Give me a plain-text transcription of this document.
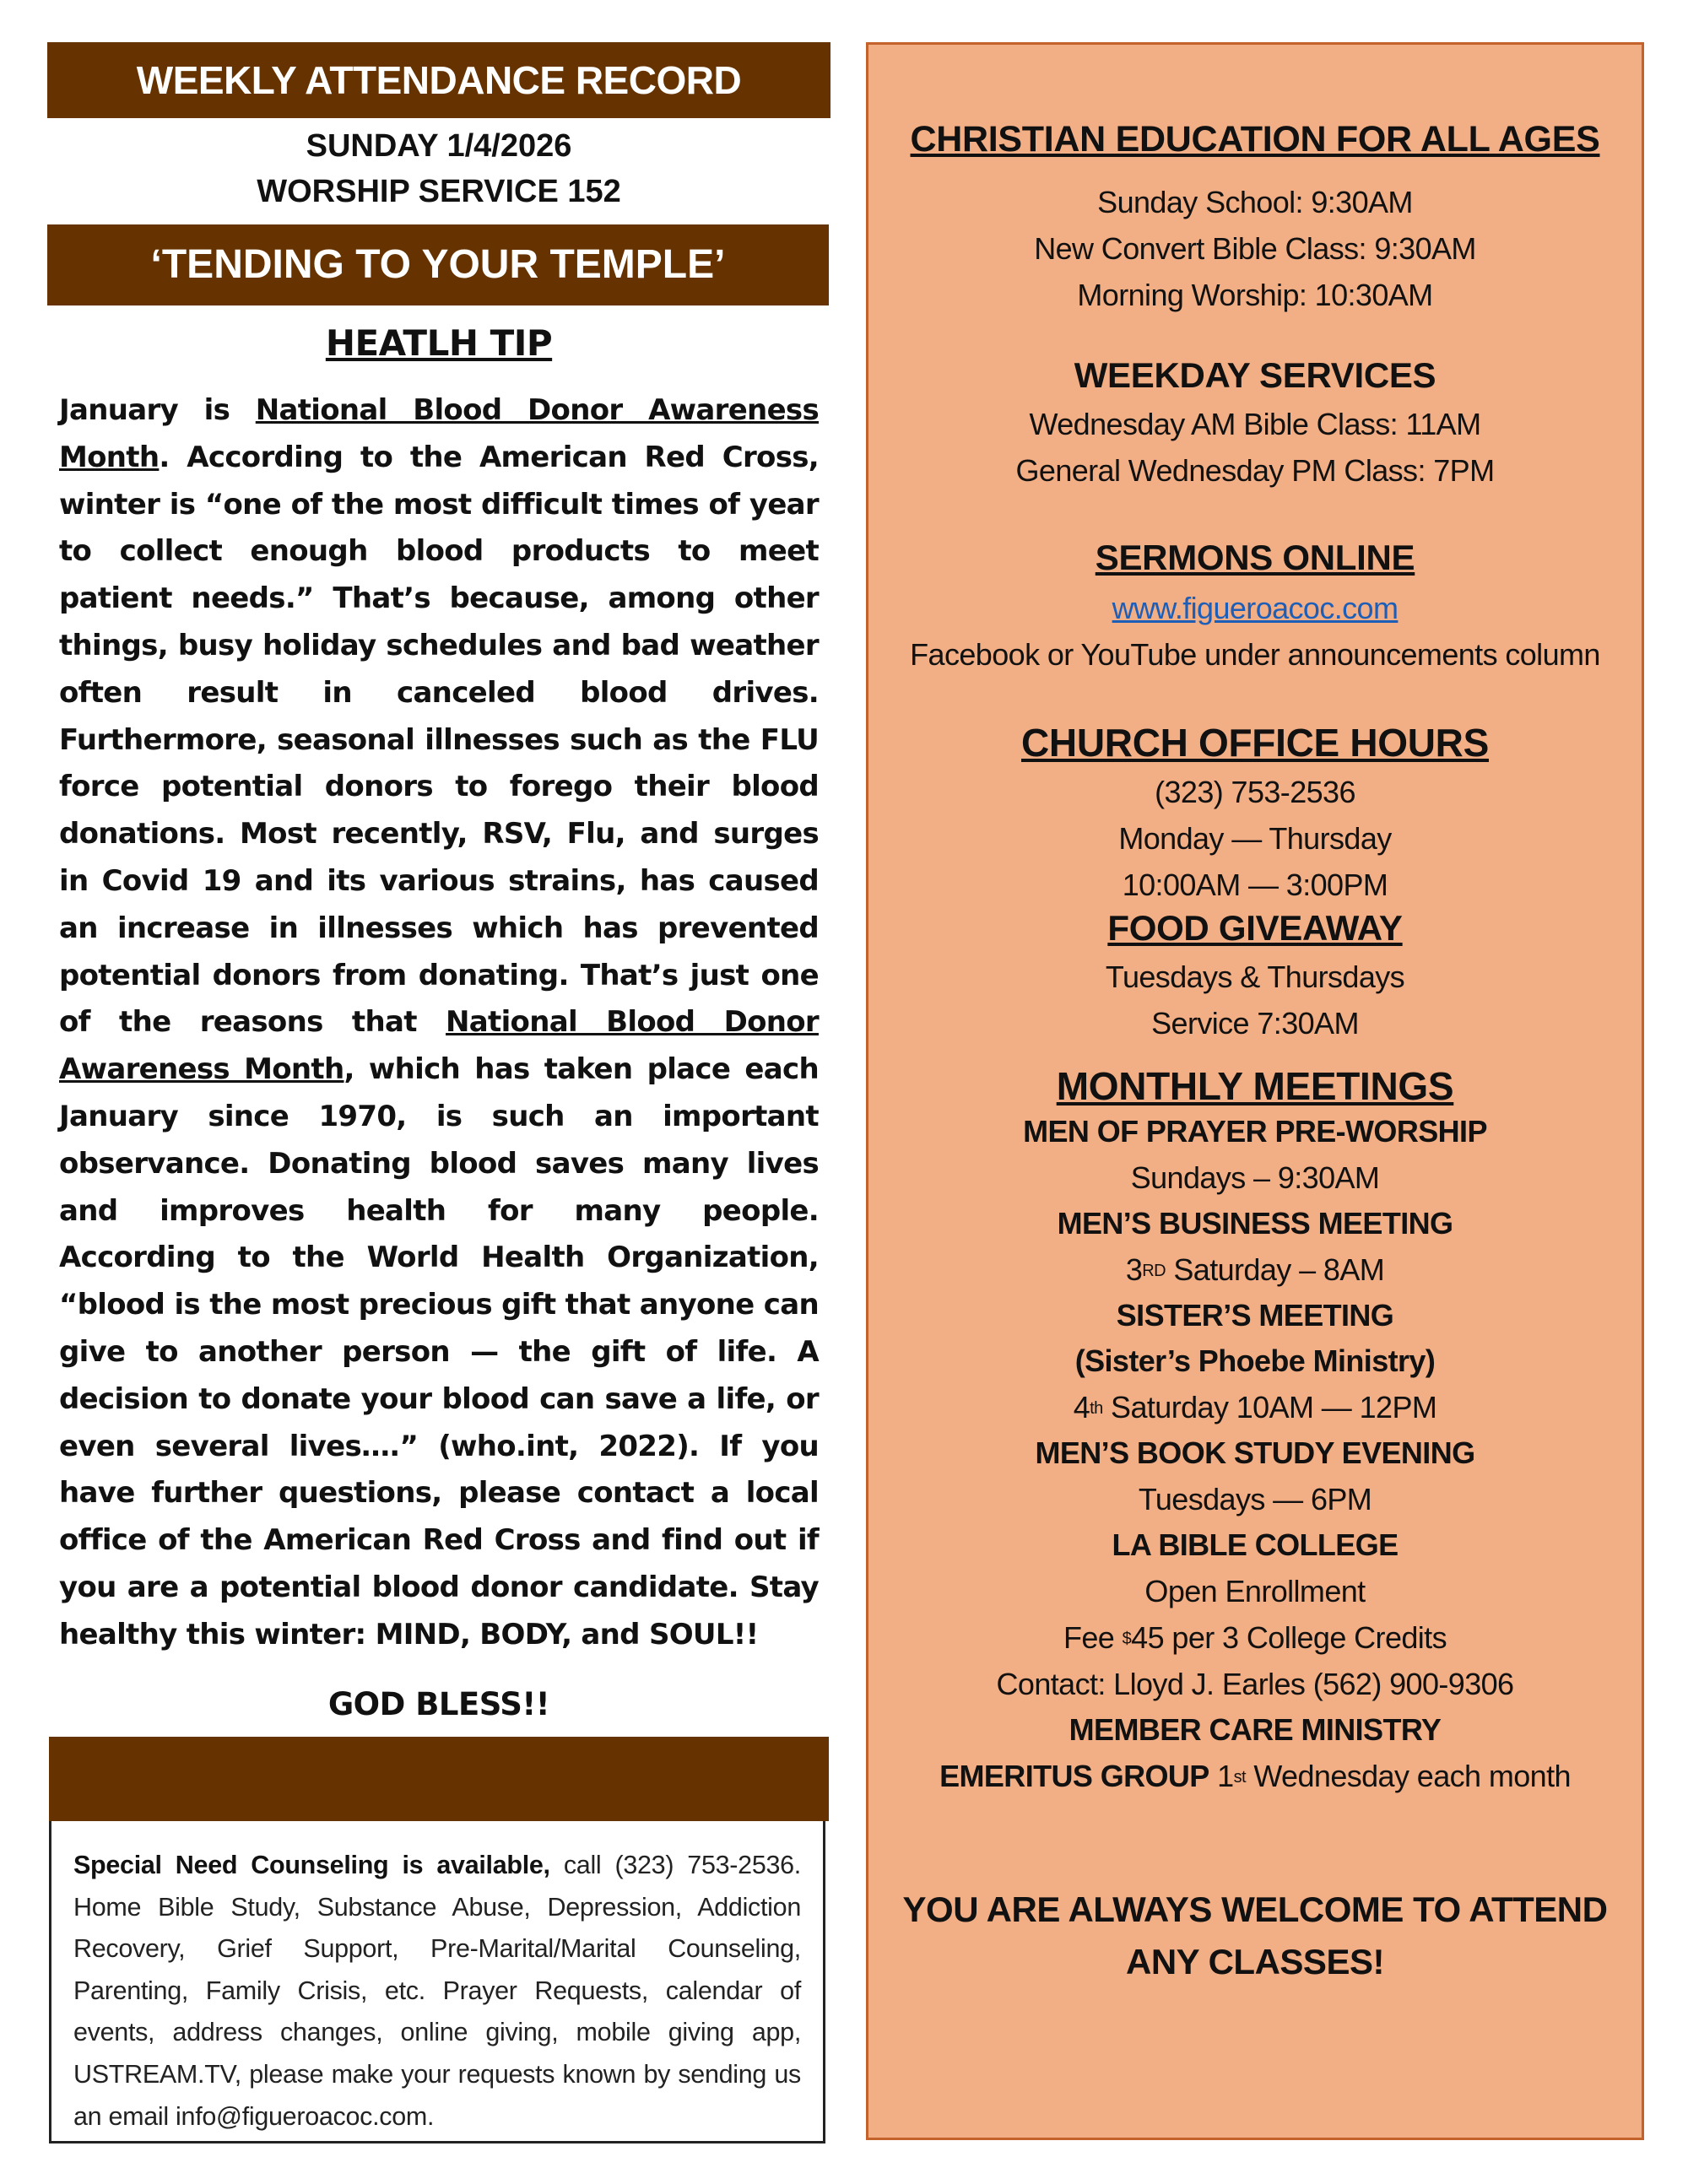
WEEKLY ATTENDANCE RECORD
SUNDAY 1/4/2026
WORSHIP SERVICE 152
‘TENDING TO YOUR TEMPLE’
HEATLH TIP
January is National Blood Donor Awareness Month. According to the American Red Cross, winter is “one of the most difficult times of year to collect enough blood products to meet patient needs.” That’s because, among other things, busy holiday schedules and bad weather often result in canceled blood drives. Furthermore, seasonal illnesses such as the FLU force potential donors to forego their blood donations. Most recently, RSV, Flu, and surges in Covid 19 and its various strains, has caused an increase in illnesses which has prevented potential donors from donating. That’s just one of the reasons that National Blood Donor Awareness Month, which has taken place each January since 1970, is such an important observance. Donating blood saves many lives and improves health for many people. According to the World Health Organization, “blood is the most precious gift that anyone can give to another person — the gift of life. A decision to donate your blood can save a life, or even several lives….” (who.int, 2022). If you have further questions, please contact a local office of the American Red Cross and find out if you are a potential blood donor candidate. Stay healthy this winter: MIND, BODY, and SOUL!!
GOD BLESS!!
Special Need Counseling is available, call (323) 753-2536. Home Bible Study, Substance Abuse, Depression, Addiction Recovery, Grief Support, Pre-Marital/Marital Counseling, Parenting, Family Crisis, etc. Prayer Requests, calendar of events, address changes, online giving, mobile giving app, USTREAM.TV, please make your requests known by sending us an email info@figueroacoc.com.
CHRISTIAN EDUCATION FOR ALL AGES
Sunday School: 9:30AM
New Convert Bible Class: 9:30AM
Morning Worship: 10:30AM
WEEKDAY SERVICES
Wednesday AM Bible Class: 11AM
General Wednesday PM Class: 7PM
SERMONS ONLINE
www.figueroacoc.com
Facebook or YouTube under announcements column
CHURCH OFFICE HOURS
(323) 753-2536
Monday — Thursday
10:00AM — 3:00PM
FOOD GIVEAWAY
Tuesdays & Thursdays
Service 7:30AM
MONTHLY MEETINGS
MEN OF PRAYER PRE-WORSHIP
Sundays – 9:30AM
MEN’S BUSINESS MEETING
3RD Saturday – 8AM
SISTER’S MEETING
(Sister’s Phoebe Ministry)
4th Saturday 10AM — 12PM
MEN’S BOOK STUDY EVENING
Tuesdays — 6PM
LA BIBLE COLLEGE
Open Enrollment
Fee $45 per 3 College Credits
Contact: Lloyd J. Earles (562) 900-9306
MEMBER CARE MINISTRY
EMERITUS GROUP 1st Wednesday each month
YOU ARE ALWAYS WELCOME TO ATTEND
ANY CLASSES!
